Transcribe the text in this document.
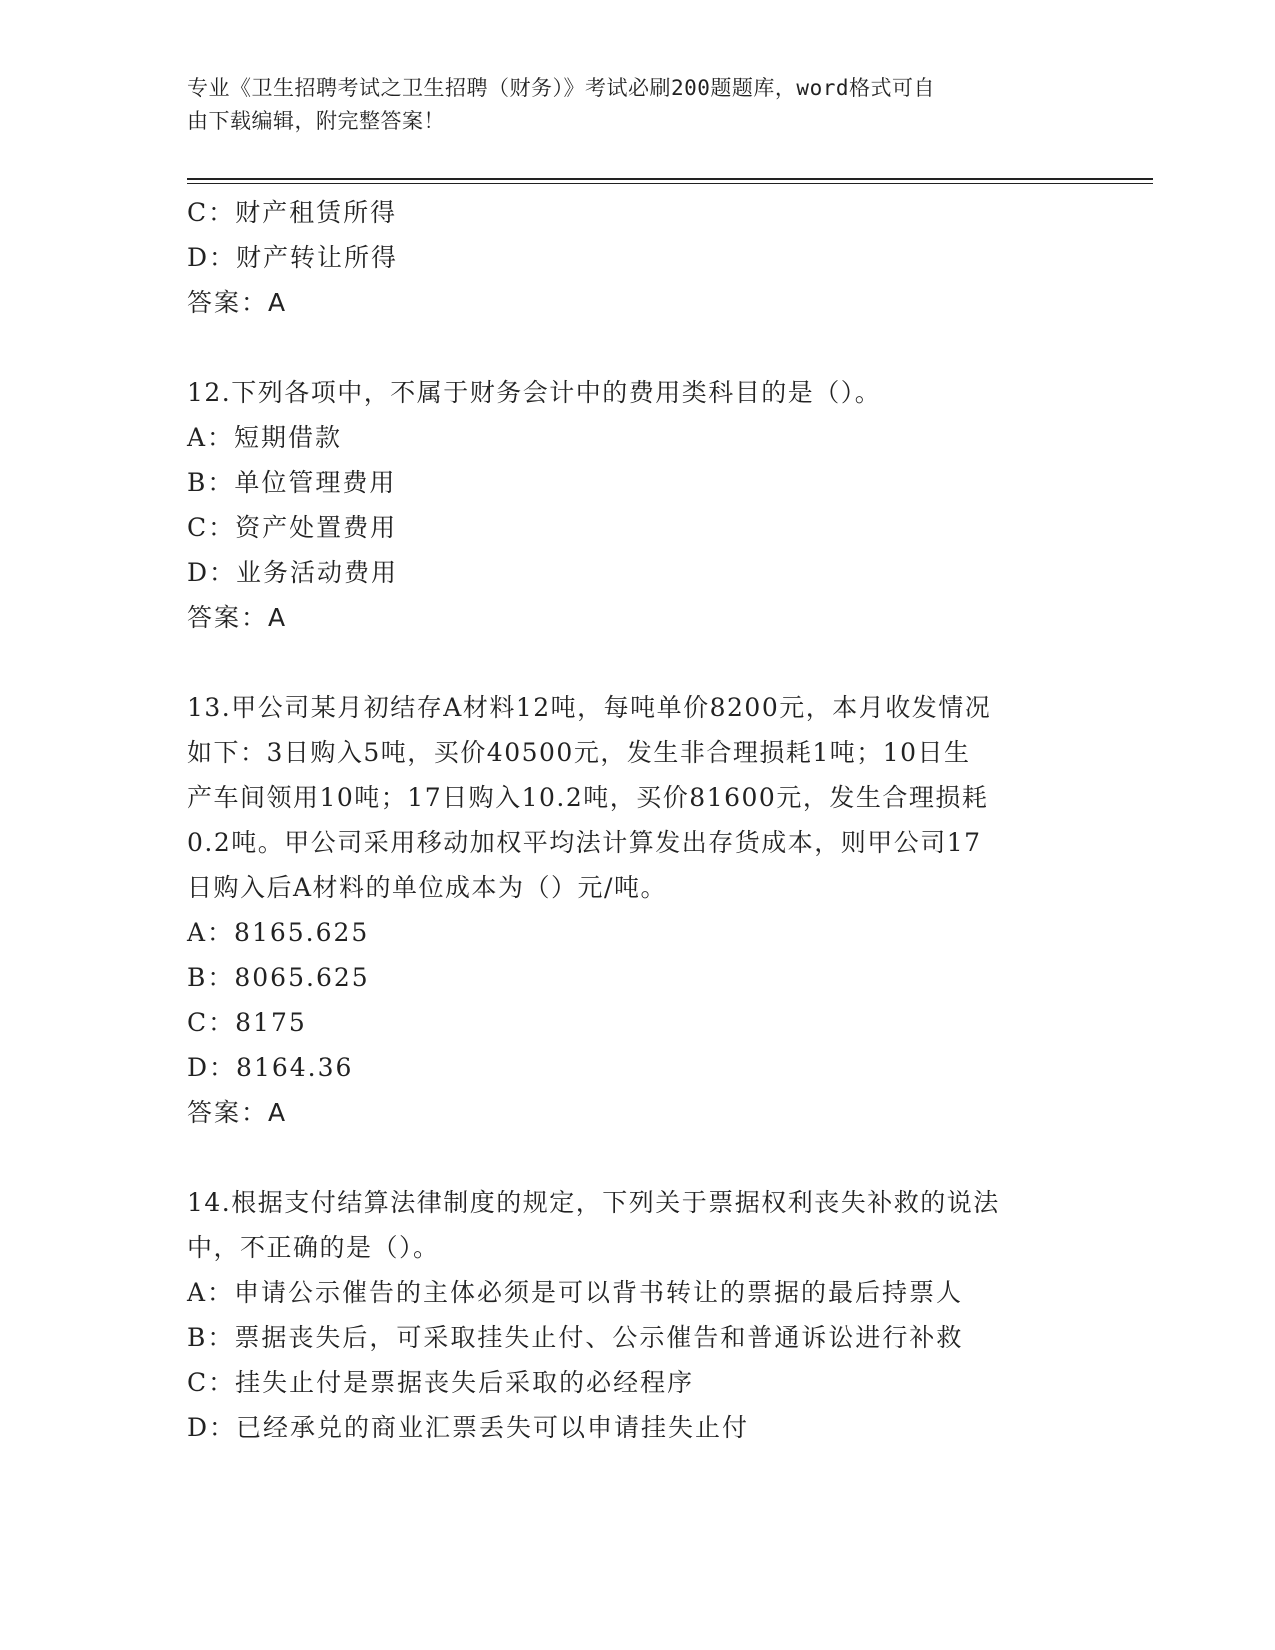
专业《卫生招聘考试之卫生招聘（财务）》考试必刷200题题库，word格式可自
由下载编辑，附完整答案！
C：财产租赁所得
D：财产转让所得
答案：A
12.下列各项中，不属于财务会计中的费用类科目的是（）。
A：短期借款
B：单位管理费用
C：资产处置费用
D：业务活动费用
答案：A
13.甲公司某月初结存A材料12吨，每吨单价8200元，本月收发情况
如下：3日购入5吨，买价40500元，发生非合理损耗1吨；10日生
产车间领用10吨；17日购入10.2吨，买价81600元，发生合理损耗
0.2吨。甲公司采用移动加权平均法计算发出存货成本，则甲公司17
日购入后A材料的单位成本为（）元/吨。
A：8165.625
B：8065.625
C：8175
D：8164.36
答案：A
14.根据支付结算法律制度的规定，下列关于票据权利丧失补救的说法
中，不正确的是（）。
A：申请公示催告的主体必须是可以背书转让的票据的最后持票人
B：票据丧失后，可采取挂失止付、公示催告和普通诉讼进行补救
C：挂失止付是票据丧失后采取的必经程序
D：已经承兑的商业汇票丢失可以申请挂失止付
